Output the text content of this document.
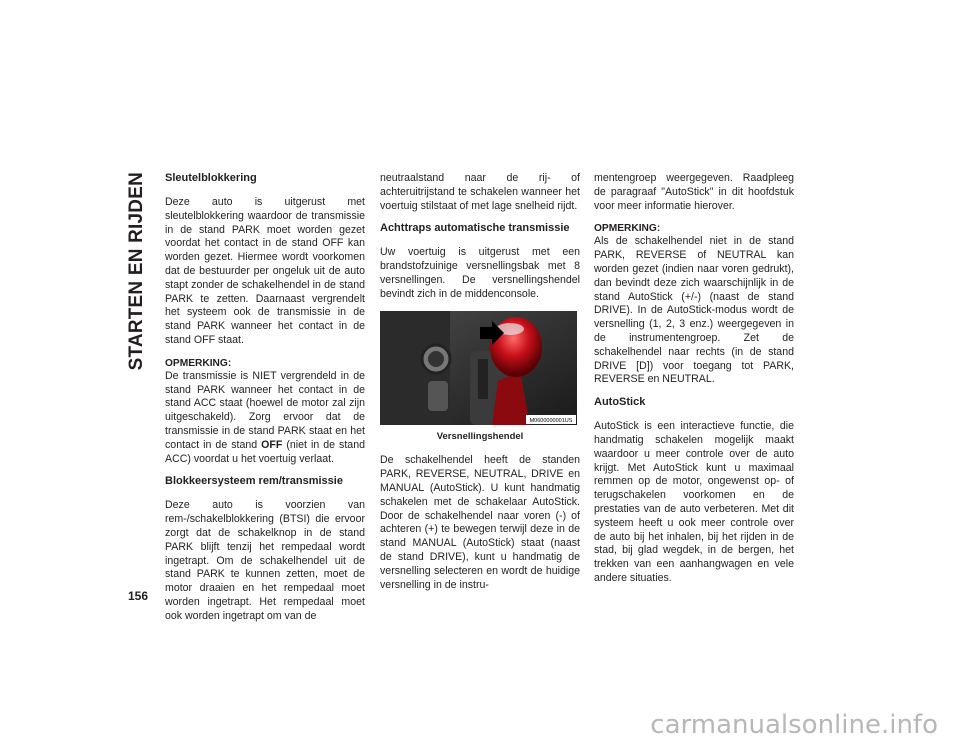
STARTEN EN RIJDEN
156
Sleutelblokkering

Deze auto is uitgerust met sleutelblokkering waardoor de transmissie in de stand PARK moet worden gezet voordat het contact in de stand OFF kan worden gezet. Hiermee wordt voorkomen dat de bestuurder per ongeluk uit de auto stapt zonder de schakelhendel in de stand PARK te zetten. Daarnaast vergrendelt het systeem ook de transmissie in de stand PARK wanneer het contact in de stand OFF staat.

OPMERKING:

De transmissie is NIET vergrendeld in de stand PARK wanneer het contact in de stand ACC staat (hoewel de motor zal zijn uitgeschakeld). Zorg ervoor dat de transmissie in de stand PARK staat en het contact in de stand OFF (niet in de stand ACC) voordat u het voertuig verlaat.

Blokkeersysteem rem/transmissie

Deze auto is voorzien van rem-/schakelblokkering (BTSI) die ervoor zorgt dat de schakelknop in de stand PARK blijft tenzij het rempedaal wordt ingetrapt. Om de schakelhendel uit de stand PARK te kunnen zetten, moet de motor draaien en het rempedaal moet worden ingetrapt. Het rempedaal moet ook worden ingetrapt om van de

neutraalstand naar de rij- of achteruitrijstand te schakelen wanneer het voertuig stilstaat of met lage snelheid rijdt.

Achttraps automatische transmissie

Uw voertuig is uitgerust met een brandstofzuinige versnellingsbak met 8 versnellingen. De versnellingshendel bevindt zich in de middenconsole.

M0600000001US
Versnellingshendel

De schakelhendel heeft de standen PARK, REVERSE, NEUTRAL, DRIVE en MANUAL (AutoStick). U kunt handmatig schakelen met de schakelaar AutoStick. Door de schakelhendel naar voren (-) of achteren (+) te bewegen terwijl deze in de stand MANUAL (AutoStick) staat (naast de stand DRIVE), kunt u handmatig de versnelling selecteren en wordt de huidige versnelling in de instru-

mentengroep weergegeven. Raadpleeg de paragraaf "AutoStick" in dit hoofdstuk voor meer informatie hierover.

OPMERKING:

Als de schakelhendel niet in de stand PARK, REVERSE of NEUTRAL kan worden gezet (indien naar voren gedrukt), dan bevindt deze zich waarschijnlijk in de stand AutoStick (+/-) (naast de stand DRIVE). In de AutoStick-modus wordt de versnelling (1, 2, 3 enz.) weergegeven in de instrumentengroep. Zet de schakelhendel naar rechts (in de stand DRIVE [D]) voor toegang tot PARK, REVERSE en NEUTRAL.

AutoStick

AutoStick is een interactieve functie, die handmatig schakelen mogelijk maakt waardoor u meer controle over de auto krijgt. Met AutoStick kunt u maximaal remmen op de motor, ongewenst op- of terugschakelen voorkomen en de prestaties van de auto verbeteren. Met dit systeem heeft u ook meer controle over de auto bij het inhalen, bij het rijden in de stad, bij glad wegdek, in de bergen, het trekken van een aanhangwagen en vele andere situaties.

carmanualsonline.info
